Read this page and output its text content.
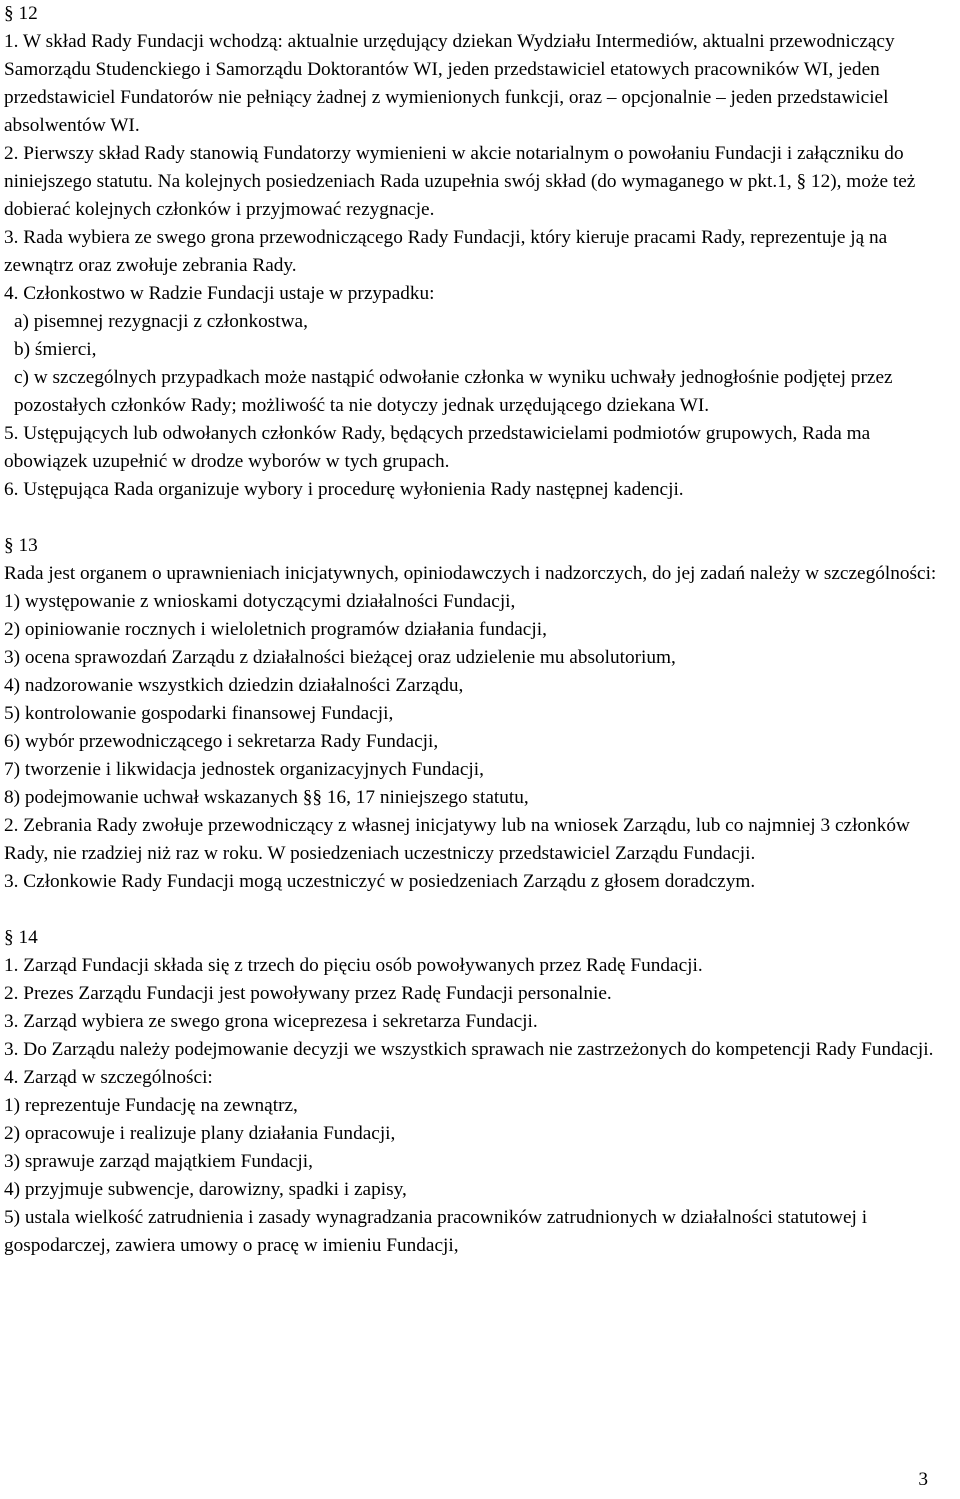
§ 12
1. W skład Rady Fundacji wchodzą: aktualnie urzędujący dziekan Wydziału Intermediów, aktualni przewodniczący Samorządu Studenckiego i Samorządu Doktorantów WI, jeden przedstawiciel etatowych pracowników WI, jeden przedstawiciel Fundatorów nie pełniący żadnej z wymienionych funkcji, oraz – opcjonalnie – jeden przedstawiciel absolwentów WI.
2. Pierwszy skład Rady stanowią Fundatorzy wymienieni w akcie notarialnym o powołaniu Fundacji i załączniku do niniejszego statutu. Na kolejnych posiedzeniach Rada uzupełnia swój skład (do wymaganego w pkt.1, § 12), może też dobierać kolejnych członków i przyjmować rezygnacje.
3. Rada wybiera ze swego grona przewodniczącego Rady Fundacji, który kieruje pracami Rady, reprezentuje ją na zewnątrz oraz zwołuje zebrania Rady.
4. Członkostwo w Radzie Fundacji ustaje w przypadku:
a) pisemnej rezygnacji z członkostwa,
b) śmierci,
c) w szczególnych przypadkach może nastąpić odwołanie członka w wyniku uchwały jednogłośnie podjętej przez pozostałych członków Rady; możliwość ta nie dotyczy jednak urzędującego dziekana WI.
5. Ustępujących lub odwołanych członków Rady, będących przedstawicielami podmiotów grupowych, Rada ma obowiązek uzupełnić w drodze wyborów w tych grupach.
6. Ustępująca Rada organizuje wybory i procedurę wyłonienia Rady następnej kadencji.
§ 13
Rada jest organem o uprawnieniach inicjatywnych, opiniodawczych i nadzorczych, do jej zadań należy w szczególności:
1) występowanie z wnioskami dotyczącymi działalności Fundacji,
2) opiniowanie rocznych i wieloletnich programów działania fundacji,
3) ocena sprawozdań Zarządu z działalności bieżącej oraz udzielenie mu absolutorium,
4) nadzorowanie wszystkich dziedzin działalności Zarządu,
5) kontrolowanie gospodarki finansowej Fundacji,
6) wybór przewodniczącego i sekretarza Rady Fundacji,
7) tworzenie i likwidacja jednostek organizacyjnych Fundacji,
8) podejmowanie uchwał wskazanych §§ 16, 17 niniejszego statutu,
2. Zebrania Rady zwołuje przewodniczący z własnej inicjatywy lub na wniosek Zarządu, lub co najmniej 3 członków Rady, nie rzadziej niż raz w roku. W posiedzeniach uczestniczy przedstawiciel Zarządu Fundacji.
3. Członkowie Rady Fundacji mogą uczestniczyć w posiedzeniach Zarządu z głosem doradczym.
§ 14
1. Zarząd Fundacji składa się z trzech do pięciu osób powoływanych przez Radę Fundacji.
2. Prezes Zarządu Fundacji jest powoływany przez Radę Fundacji personalnie.
3. Zarząd wybiera ze swego grona wiceprezesa i sekretarza Fundacji.
3. Do Zarządu należy podejmowanie decyzji we wszystkich sprawach nie zastrzeżonych do kompetencji Rady Fundacji.
4. Zarząd w szczególności:
1) reprezentuje Fundację na zewnątrz,
2) opracowuje i realizuje plany działania Fundacji,
3) sprawuje zarząd majątkiem Fundacji,
4) przyjmuje subwencje, darowizny, spadki i zapisy,
5) ustala wielkość zatrudnienia i zasady wynagradzania pracowników zatrudnionych w działalności statutowej i gospodarczej, zawiera umowy o pracę w imieniu Fundacji,
3
